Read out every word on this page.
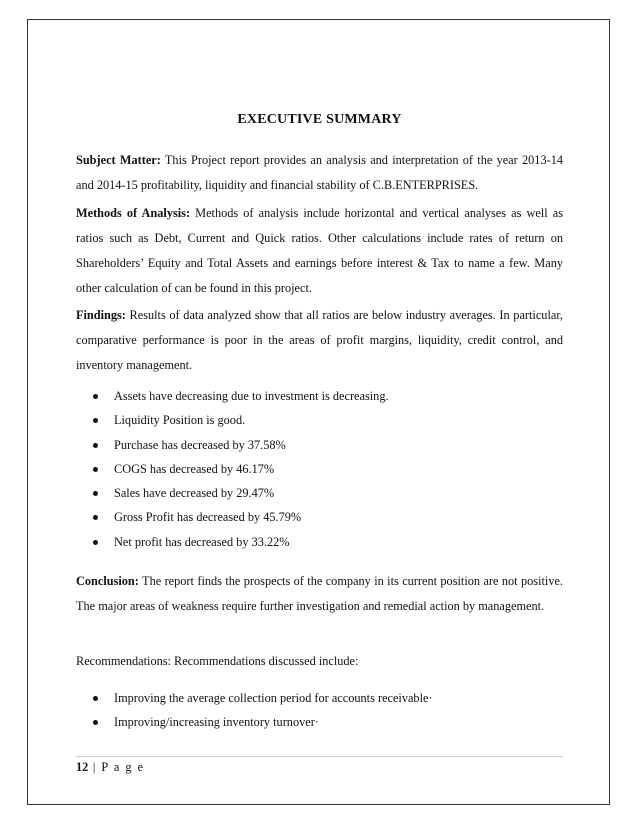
EXECUTIVE SUMMARY

Subject Matter: This Project report provides an analysis and interpretation of the year 2013-14 and 2014-15 profitability, liquidity and financial stability of C.B.ENTERPRISES.

Methods of Analysis: Methods of analysis include horizontal and vertical analyses as well as ratios such as Debt, Current and Quick ratios. Other calculations include rates of return on Shareholders’ Equity and Total Assets and earnings before interest & Tax to name a few. Many other calculation of can be found in this project.

Findings: Results of data analyzed show that all ratios are below industry averages. In particular, comparative performance is poor in the areas of profit margins, liquidity, credit control, and inventory management.

Assets have decreasing due to investment is decreasing.
Liquidity Position is good.
Purchase has decreased by 37.58%
COGS has decreased by 46.17%
Sales have decreased by 29.47%
Gross Profit has decreased by 45.79%
Net profit has decreased by 33.22%

Conclusion: The report finds the prospects of the company in its current position are not positive. The major areas of weakness require further investigation and remedial action by management.

Recommendations: Recommendations discussed include:

Improving the average collection period for accounts receivable·
Improving/increasing inventory turnover·
12 | P a g e
